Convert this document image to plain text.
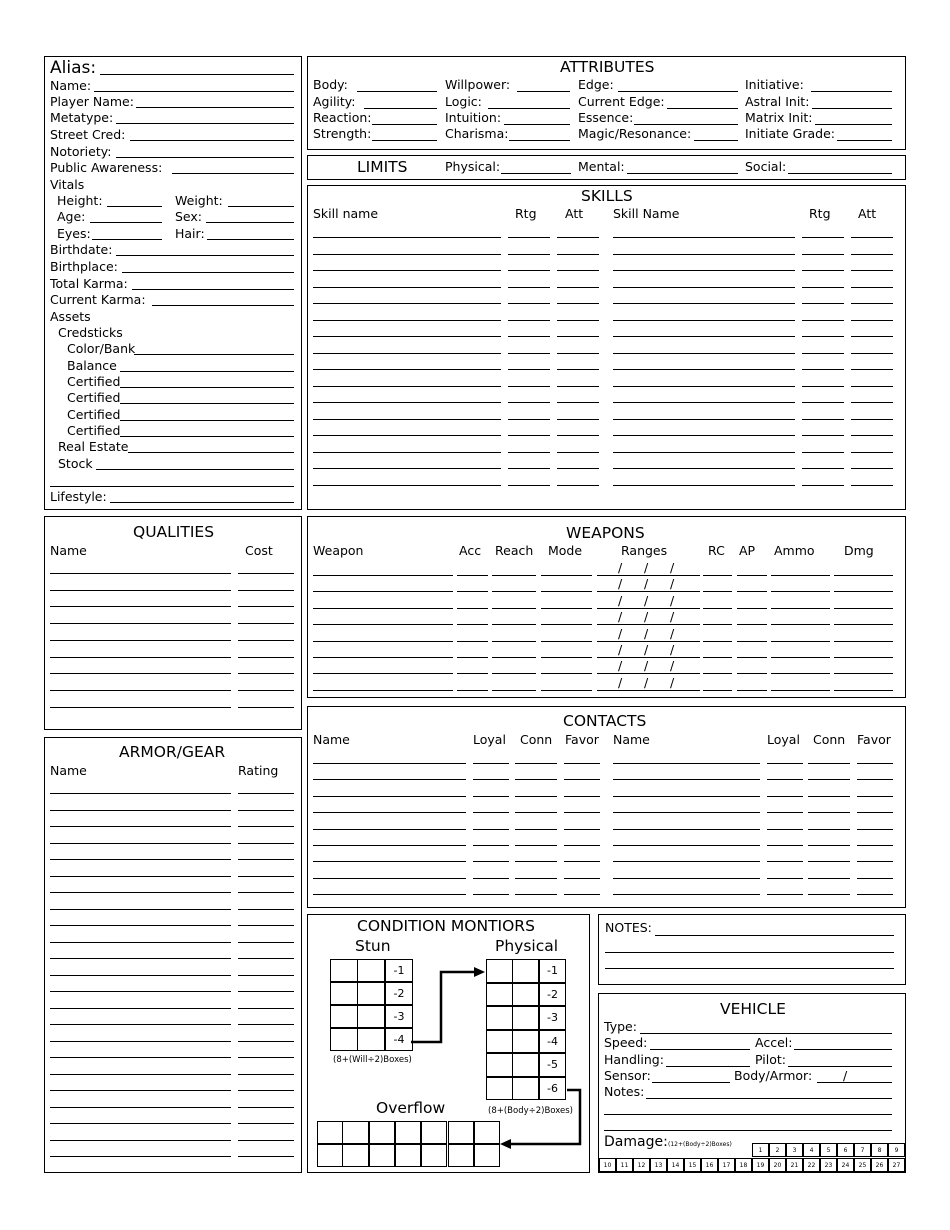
Alias:
Name:
Player Name:
Metatype:
Street Cred:
Notoriety:
Public Awareness:
Vitals
Height:	Weight:
Age:	Sex:
Eyes:	Hair:
Birthdate:
Birthplace:
Total Karma:
Current Karma:
Assets
Credsticks
Color/Bank
Balance
Certified
Certified
Certified
Certified
Real Estate
Stock
Lifestyle:
ATTRIBUTES
Body:
Agility:
Reaction:
Strength:
Willpower:
Logic:
Intuition:
Charisma:
Edge:
Current Edge:
Essence:
Magic/Resonance:
Initiative:
Astral Init:
Matrix Init:
Initiate Grade:
LIMITS	Physical:	Mental:	Social:
SKILLS
Skill name	Rtg Att Skill Name	Rtg Att
QUALITIES
Name	Cost
WEAPONS
Weapon	Acc Reach Mode	Ranges	RC AP Ammo Dmg
/ / /
/ / /
/ / /
/ / /
/ / /
/ / /
/ / /
/ / /
CONTACTS
Name	Loyal Conn Favor Name	Loyal Conn Favor
ARMOR/GEAR
Name	Rating
CONDITION MONTIORS
Stun	Physical
Overflow
(8+(Will÷2)Boxes)
(8+(Body÷2)Boxes)
-1
-2
-3
-4
-1
-2
-3
-4
-5
-6
NOTES:
VEHICLE
Type:
Speed:	Accel:
Handling:	Pilot:
Sensor:	Body/Armor: /
Notes:
Damage: (12+(Body÷2)Boxes)
1	2	3	4	5	6	7	8	9
10	11	12	13	14	15	16	17	18	19	20	21	22	23	24	25	26	27
